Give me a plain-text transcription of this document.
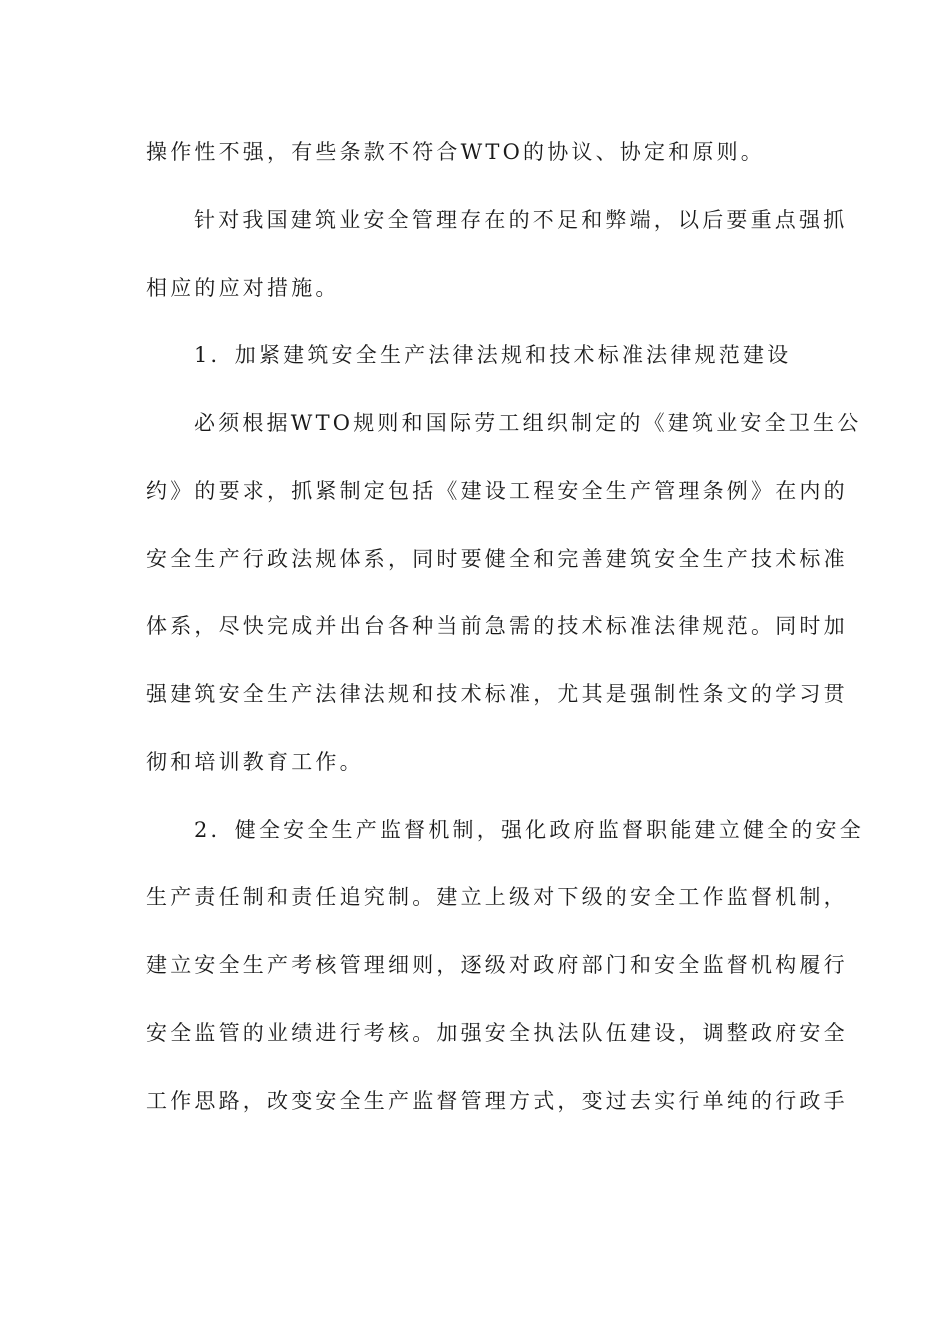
操作性不强，有些条款不符合WTO的协议、协定和原则。
针对我国建筑业安全管理存在的不足和弊端，以后要重点强抓
相应的应对措施。
1．加紧建筑安全生产法律法规和技术标准法律规范建设
必须根据WTO规则和国际劳工组织制定的《建筑业安全卫生公
约》的要求，抓紧制定包括《建设工程安全生产管理条例》在内的
安全生产行政法规体系，同时要健全和完善建筑安全生产技术标准
体系，尽快完成并出台各种当前急需的技术标准法律规范。同时加
强建筑安全生产法律法规和技术标准，尤其是强制性条文的学习贯
彻和培训教育工作。
2．健全安全生产监督机制，强化政府监督职能建立健全的安全
生产责任制和责任追究制。建立上级对下级的安全工作监督机制，
建立安全生产考核管理细则，逐级对政府部门和安全监督机构履行
安全监管的业绩进行考核。加强安全执法队伍建设，调整政府安全
工作思路，改变安全生产监督管理方式，变过去实行单纯的行政手
